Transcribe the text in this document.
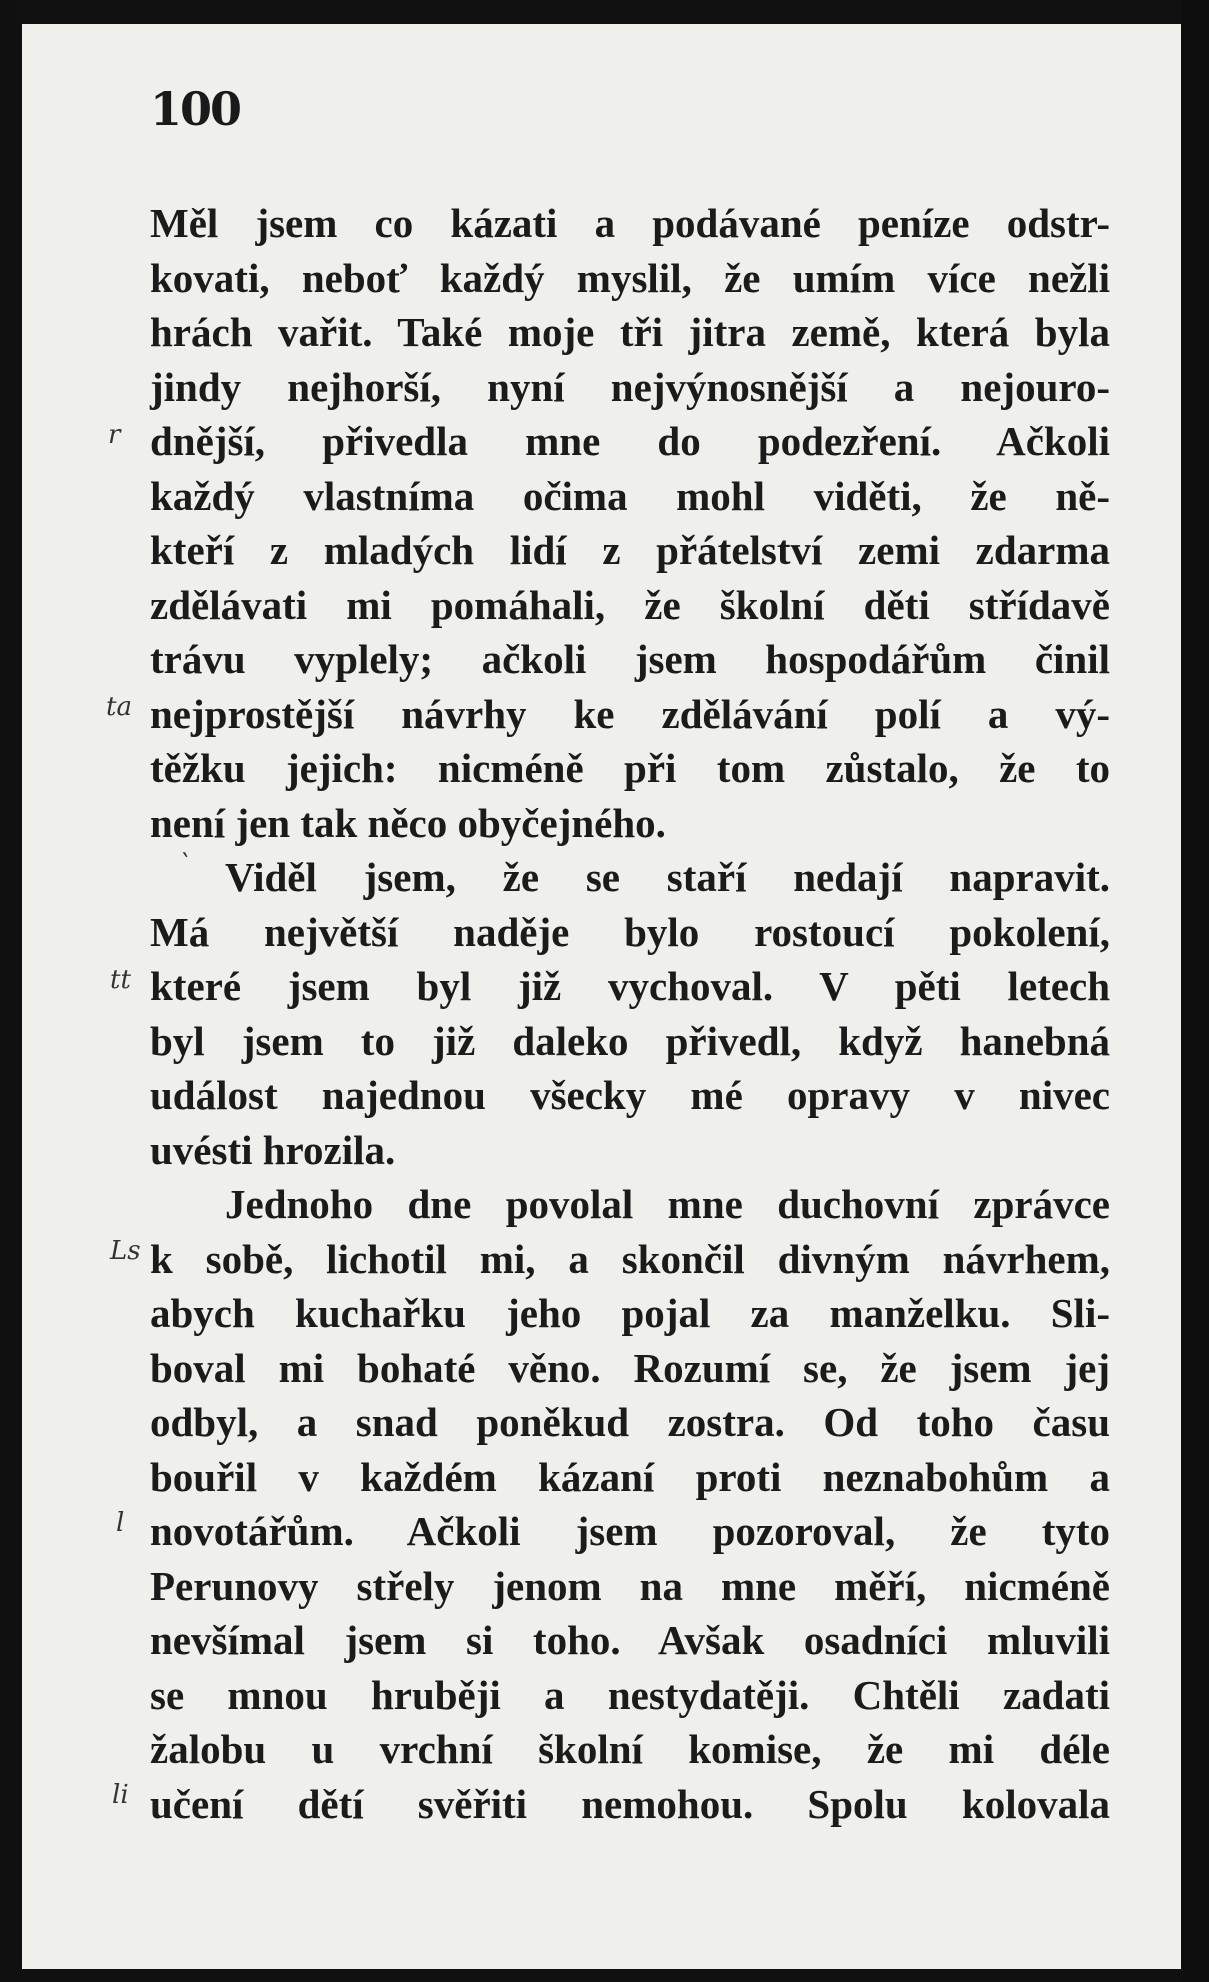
100
r
ta
`
tt
Ls
l
li
Měl jsem co kázati a podávané peníze odstr-
kovati, neboť každý myslil, že umím více nežli
hrách vařit. Také moje tři jitra země, která byla
jindy nejhorší, nyní nejvýnosnější a nejouro-
dnější, přivedla mne do podezření. Ačkoli
každý vlastníma očima mohl viděti, že ně-
kteří z mladých lidí z přátelství zemi zdarma
zdělávati mi pomáhali, že školní děti střídavě
trávu vyplely; ačkoli jsem hospodářům činil
nejprostější návrhy ke zdělávání polí a vý-
těžku jejich: nicméně při tom zůstalo, že to
není jen tak něco obyčejného.
Viděl jsem, že se staří nedají napravit.
Má největší naděje bylo rostoucí pokolení,
které jsem byl již vychoval. V pěti letech
byl jsem to již daleko přivedl, když hanebná
událost najednou všecky mé opravy v nivec
uvésti hrozila.
Jednoho dne povolal mne duchovní zprávce
k sobě, lichotil mi, a skončil divným návrhem,
abych kuchařku jeho pojal za manželku. Sli-
boval mi bohaté věno. Rozumí se, že jsem jej
odbyl, a snad poněkud zostra. Od toho času
bouřil v každém kázaní proti neznabohům a
novotářům. Ačkoli jsem pozoroval, že tyto
Perunovy střely jenom na mne měří, nicméně
nevšímal jsem si toho. Avšak osadníci mluvili
se mnou hruběji a nestydatěji. Chtěli zadati
žalobu u vrchní školní komise, že mi déle
učení dětí svěřiti nemohou. Spolu kolovala
